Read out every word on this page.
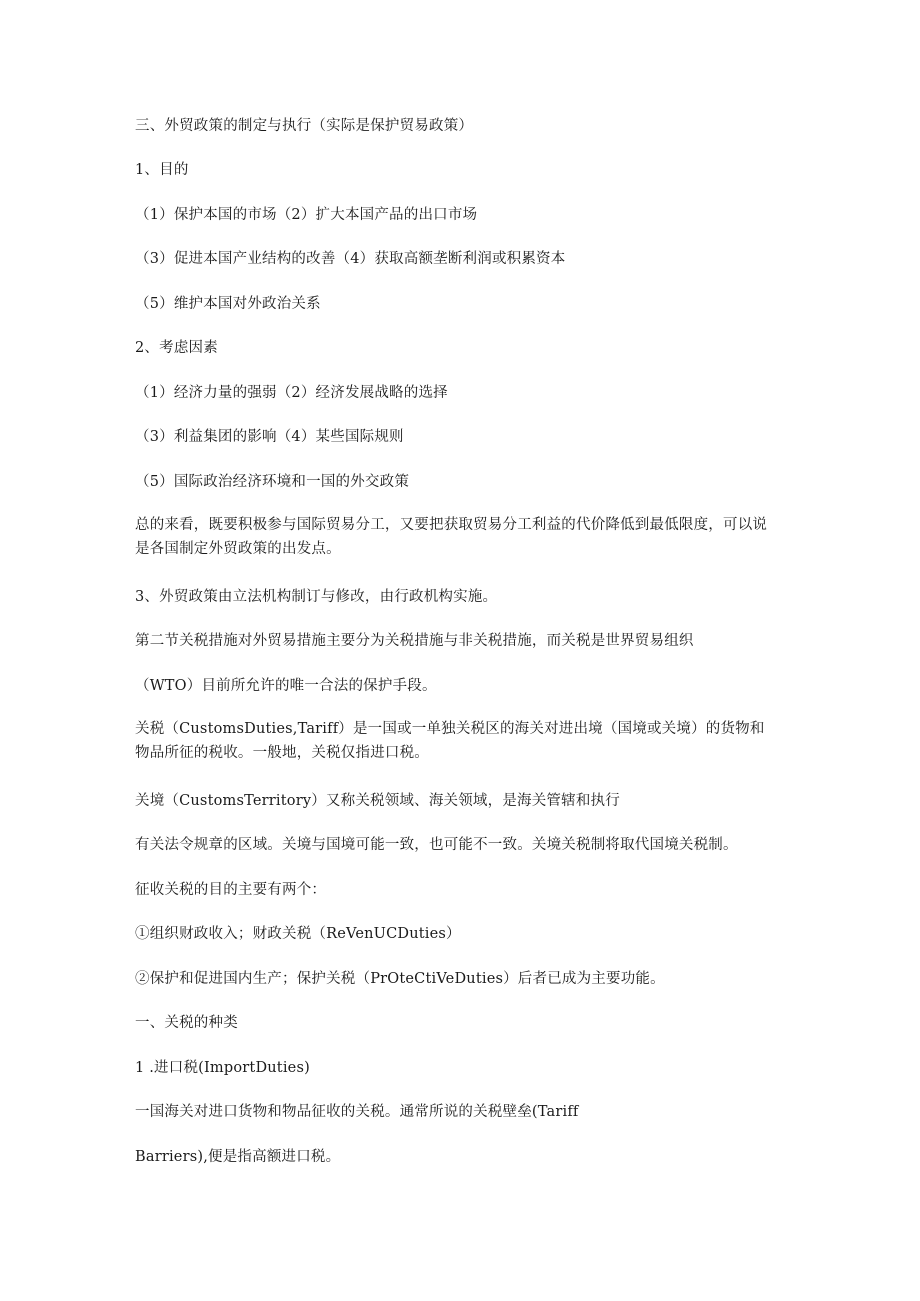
三、外贸政策的制定与执行（实际是保护贸易政策）
1、目的
（1）保护本国的市场（2）扩大本国产品的出口市场
（3）促进本国产业结构的改善（4）获取高额垄断利润或积累资本
（5）维护本国对外政治关系
2、考虑因素
（1）经济力量的强弱（2）经济发展战略的选择
（3）利益集团的影响（4）某些国际规则
（5）国际政治经济环境和一国的外交政策
总的来看，既要积极参与国际贸易分工，又要把获取贸易分工利益的代价降低到最低限度，可以说是各国制定外贸政策的出发点。
3、外贸政策由立法机构制订与修改，由行政机构实施。
第二节关税措施对外贸易措施主要分为关税措施与非关税措施，而关税是世界贸易组织
（WTO）目前所允许的唯一合法的保护手段。
关税（CustomsDuties,Tariff）是一国或一单独关税区的海关对进出境（国境或关境）的货物和物品所征的税收。一般地，关税仅指进口税。
关境（CustomsTerritory）又称关税领域、海关领域，是海关管辖和执行
有关法令规章的区域。关境与国境可能一致，也可能不一致。关境关税制将取代国境关税制。
征收关税的目的主要有两个：
①组织财政收入；财政关税（ReVenUCDuties）
②保护和促进国内生产；保护关税（PrOteCtiVeDuties）后者已成为主要功能。
一、关税的种类
1 .进口税(ImportDuties)
一国海关对进口货物和物品征收的关税。通常所说的关税壁垒(Tariff
Barriers),便是指高额进口税。
